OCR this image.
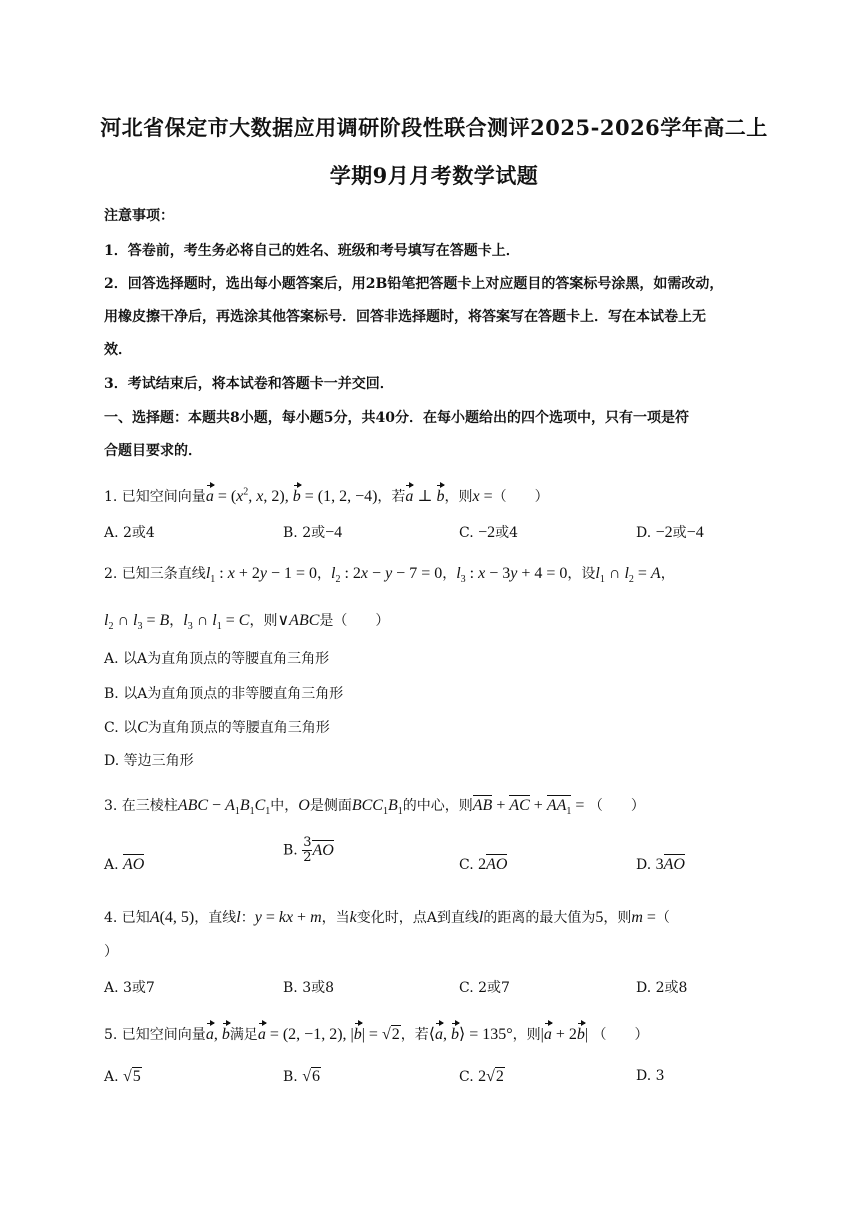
河北省保定市大数据应用调研阶段性联合测评2025-2026学年高二上
学期9月月考数学试题
注意事项：
1．答卷前，考生务必将自己的姓名、班级和考号填写在答题卡上．
2．回答选择题时，选出每小题答案后，用2B铅笔把答题卡上对应题目的答案标号涂黑，如需改动，
用橡皮擦干净后，再选涂其他答案标号．回答非选择题时，将答案写在答题卡上．写在本试卷上无
效．
3．考试结束后，将本试卷和答题卡一并交回．
一、选择题：本题共8小题，每小题5分，共40分．在每小题给出的四个选项中，只有一项是符
合题目要求的．
1. 已知空间向量$a = (x^2$, x, 2), b = (1, 2, −4)，若a ⊥ b，则x =（　　）
A. 2或4	B. 2或−4	C. −2或4	D. −2或−4
2. 已知三条直线$l_1$ : x + 2y − 1 = 0，$l_2$ : 2x − y − 7 = 0，$l_3$ : x − 3y + 4 = 0，设$l_1$ ∩ $l_2 = A$，
$l_2$ ∩ $l_3 = B$，$l_3$ ∩ $l_1 = C$，则∨ABC是（　　）
A. 以A为直角顶点的等腰直角三角形
B. 以A为直角顶点的非等腰直角三角形
C. 以C为直角顶点的等腰直角三角形
D. 等边三角形
3. 在三棱柱ABC − $A_1B_1C_1$中，O是侧面$BCC_1B_1$的中心，则AB + AC + $AA_1$ = （　　）
A. AO
B. $\frac{3}{2}$ AO
C. 2AO	D. 3AO
4. 已知A(4, 5)，直线l：y = kx + m，当k变化时，点A到直线l的距离的最大值为5，则m =（
）
A. 3或7	B. 3或8	C. 2或7	D. 2或8
5. 已知空间向量a, b满足a = (2, −1, 2), |b| = √2，若⟨a, b⟩ = 135°，则|a + 2b| （　　）
A. √5	B. √6	C. 2√2	D. 3
